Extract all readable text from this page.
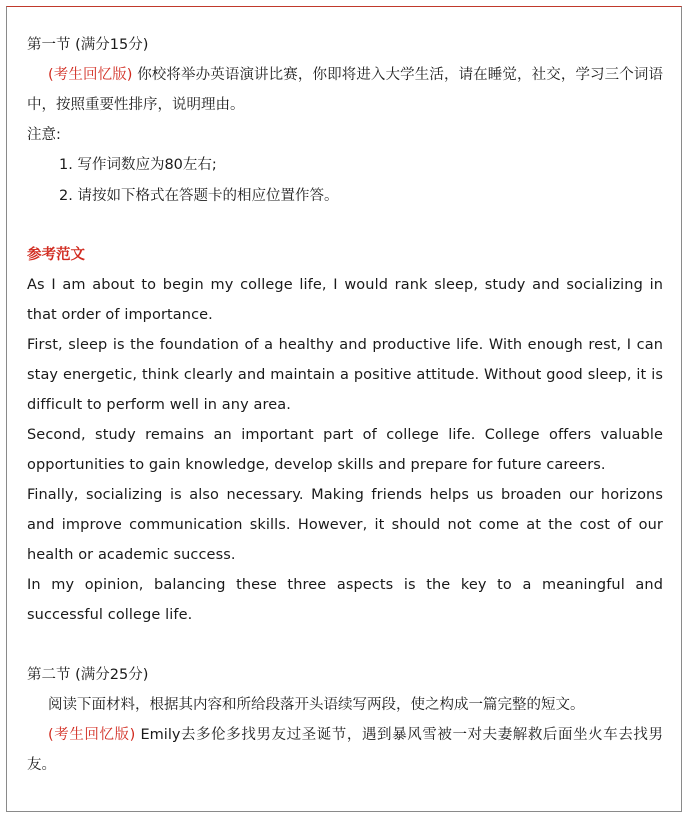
第一节 (满分15分)
(考生回忆版) 你校将举办英语演讲比赛，你即将进入大学生活，请在睡觉，社交，学习三个词语中，按照重要性排序，说明理由。
注意:
1. 写作词数应为80左右;
2. 请按如下格式在答题卡的相应位置作答。
参考范文
As I am about to begin my college life, I would rank sleep, study and socializing in that order of importance.
First, sleep is the foundation of a healthy and productive life. With enough rest, I can stay energetic, think clearly and maintain a positive attitude. Without good sleep, it is difficult to perform well in any area.
Second, study remains an important part of college life. College offers valuable opportunities to gain knowledge, develop skills and prepare for future careers.
Finally, socializing is also necessary. Making friends helps us broaden our horizons and improve communication skills. However, it should not come at the cost of our health or academic success.
In my opinion, balancing these three aspects is the key to a meaningful and successful college life.
第二节 (满分25分)
阅读下面材料，根据其内容和所给段落开头语续写两段，使之构成一篇完整的短文。
(考生回忆版) Emily去多伦多找男友过圣诞节，遇到暴风雪被一对夫妻解救后面坐火车去找男友。
